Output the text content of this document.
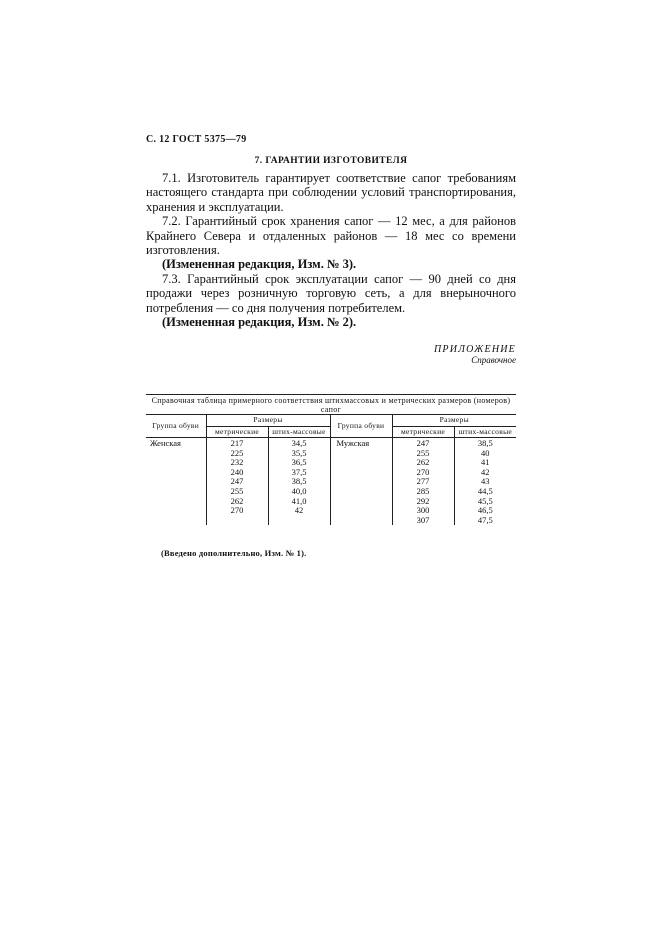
С. 12 ГОСТ 5375—79
7. ГАРАНТИИ ИЗГОТОВИТЕЛЯ

7.1. Изготовитель гарантирует соответствие сапог требованиям настоящего стандарта при соблюдении условий транспортирования, хранения и эксплуатации.

7.2. Гарантийный срок хранения сапог — 12 мес, а для районов Крайнего Севера и отдаленных районов — 18 мес со времени изготовления.

(Измененная редакция, Изм. № 3).

7.3. Гарантийный срок эксплуатации сапог — 90 дней со дня продажи через розничную торговую сеть, а для внерыночного потребления — со дня получения потребителем.

(Измененная редакция, Изм. № 2).

ПРИЛОЖЕНИЕ
Справочное
Справочная таблица примерного соответствия штихмассовых и метрических размеров (номеров) сапог
Группа обуви	Размеры		Группа обуви	Размеры	
	метрические	штих-массовые		метрические	штих-массовые
Женская	217	34,5	Мужская	247	38,5
	225	35,5		255	40
	232	36,5		262	41
	240	37,5		270	42
	247	38,5		277	43
	255	40,0		285	44,5
	262	41,0		292	45,5
	270	42		300	46,5
				307	47,5
(Введено дополнительно, Изм. № 1).
